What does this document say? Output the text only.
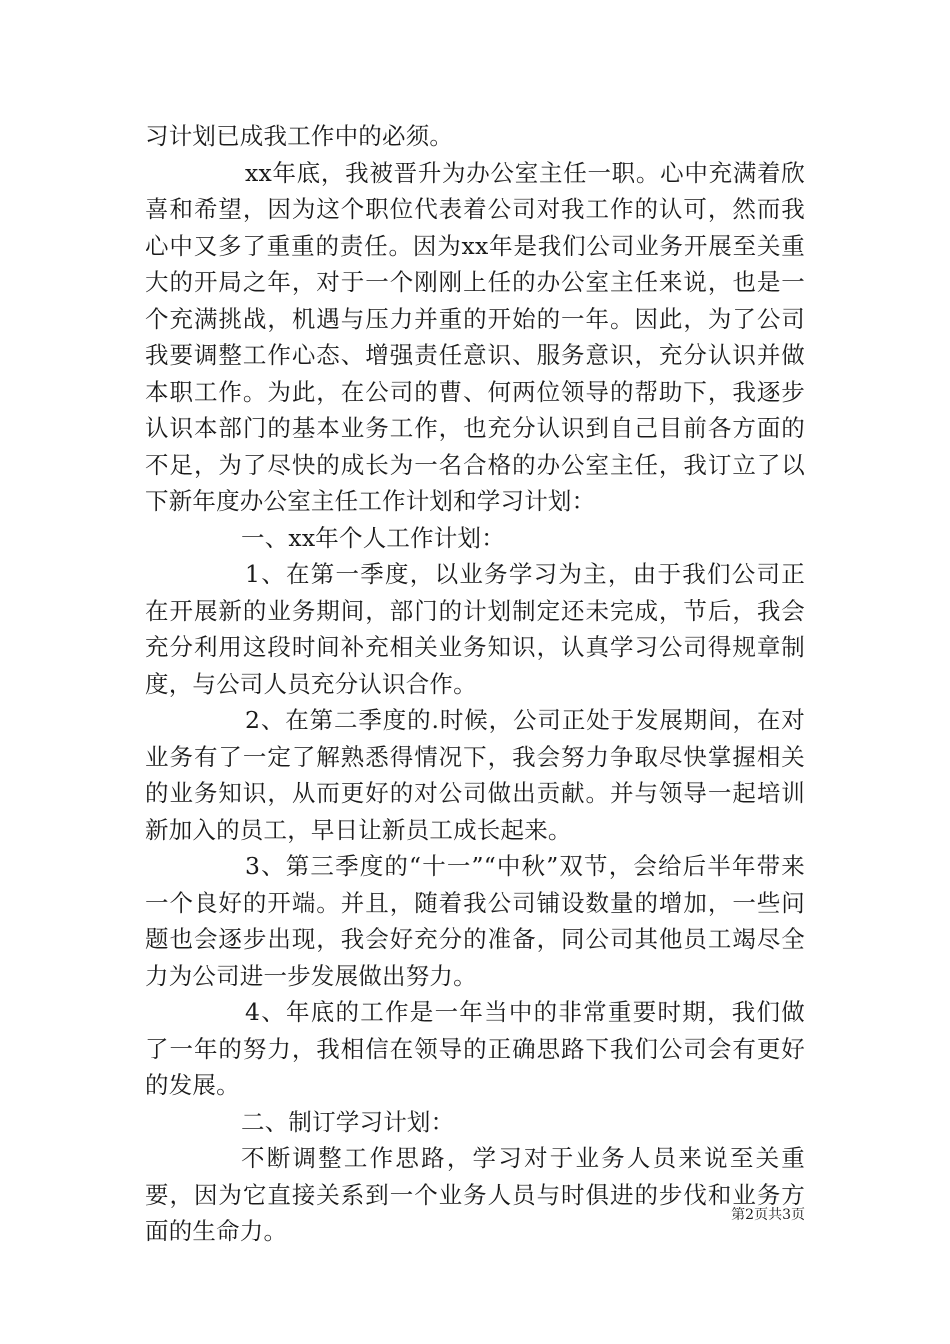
习计划已成我工作中的必须。

xx年底，我被晋升为办公室主任一职。心中充满着欣喜和希望，因为这个职位代表着公司对我工作的认可，然而我心中又多了重重的责任。因为xx年是我们公司业务开展至关重大的开局之年，对于一个刚刚上任的办公室主任来说，也是一个充满挑战，机遇与压力并重的开始的一年。因此，为了公司我要调整工作心态、增强责任意识、服务意识，充分认识并做本职工作。为此，在公司的曹、何两位领导的帮助下，我逐步认识本部门的基本业务工作，也充分认识到自己目前各方面的不足，为了尽快的成长为一名合格的办公室主任，我订立了以下新年度办公室主任工作计划和学习计划：

一、xx年个人工作计划：

1、在第一季度，以业务学习为主，由于我们公司正在开展新的业务期间，部门的计划制定还未完成，节后，我会充分利用这段时间补充相关业务知识，认真学习公司得规章制度，与公司人员充分认识合作。

2、在第二季度的.时候，公司正处于发展期间，在对业务有了一定了解熟悉得情况下，我会努力争取尽快掌握相关的业务知识，从而更好的对公司做出贡献。并与领导一起培训新加入的员工，早日让新员工成长起来。

3、第三季度的“十一”“中秋”双节，会给后半年带来一个良好的开端。并且，随着我公司铺设数量的增加，一些问题也会逐步出现，我会好充分的准备，同公司其他员工竭尽全力为公司进一步发展做出努力。

4、年底的工作是一年当中的非常重要时期，我们做了一年的努力，我相信在领导的正确思路下我们公司会有更好的发展。

二、制订学习计划：

不断调整工作思路，学习对于业务人员来说至关重要，因为它直接关系到一个业务人员与时俱进的步伐和业务方面的生命力。

第2页共3页
